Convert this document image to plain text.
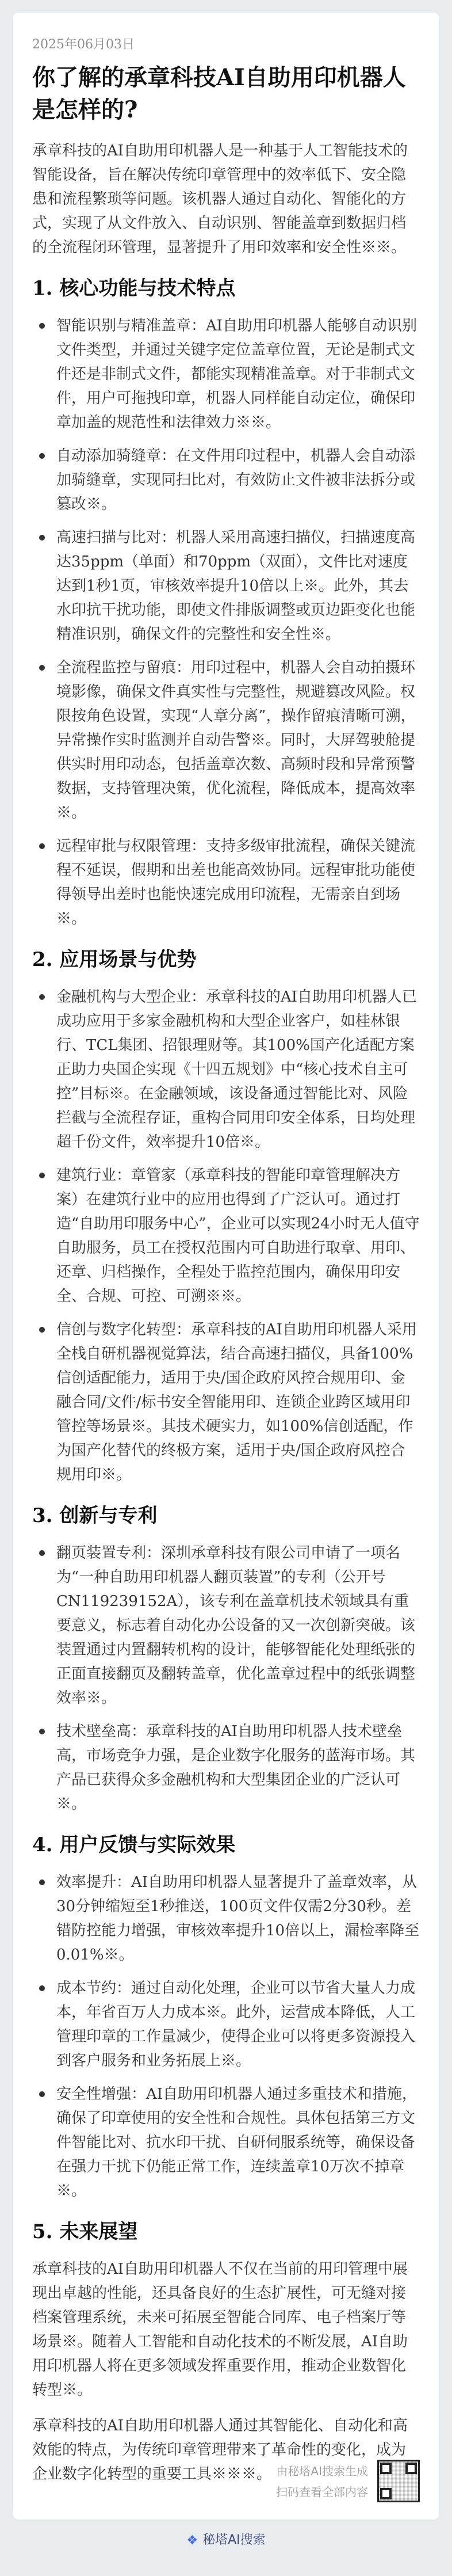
2025年06月03日
你了解的承章科技AI自助用印机器人是怎样的?

承章科技的AI自助用印机器人是一种基于人工智能技术的智能设备，旨在解决传统印章管理中的效率低下、安全隐患和流程繁琐等问题。该机器人通过自动化、智能化的方式，实现了从文件放入、自动识别、智能盖章到数据归档的全流程闭环管理，显著提升了用印效率和安全性※※。

1. 核心功能与技术特点
智能识别与精准盖章：AI自助用印机器人能够自动识别文件类型，并通过关键字定位盖章位置，无论是制式文件还是非制式文件，都能实现精准盖章。对于非制式文件，用户可拖拽印章，机器人同样能自动定位，确保印章加盖的规范性和法律效力※※。
自动添加骑缝章：在文件用印过程中，机器人会自动添加骑缝章，实现同扫比对，有效防止文件被非法拆分或篡改※。
高速扫描与比对：机器人采用高速扫描仪，扫描速度高达35ppm（单面）和70ppm（双面），文件比对速度达到1秒1页，审核效率提升10倍以上※。此外，其去水印抗干扰功能，即使文件排版调整或页边距变化也能精准识别，确保文件的完整性和安全性※。
全流程监控与留痕：用印过程中，机器人会自动拍摄环境影像，确保文件真实性与完整性，规避篡改风险。权限按角色设置，实现“人章分离”，操作留痕清晰可溯，异常操作实时监测并自动告警※。同时，大屏驾驶舱提供实时用印动态，包括盖章次数、高频时段和异常预警数据，支持管理决策，优化流程，降低成本，提高效率※。
远程审批与权限管理：支持多级审批流程，确保关键流程不延误，假期和出差也能高效协同。远程审批功能使得领导出差时也能快速完成用印流程，无需亲自到场※。
2. 应用场景与优势
金融机构与大型企业：承章科技的AI自助用印机器人已成功应用于多家金融机构和大型企业客户，如桂林银行、TCL集团、招银理财等。其100%国产化适配方案正助力央国企实现《十四五规划》中“核心技术自主可控”目标※。在金融领域，该设备通过智能比对、风险拦截与全流程存证，重构合同用印安全体系，日均处理超千份文件，效率提升10倍※。
建筑行业：章管家（承章科技的智能印章管理解决方案）在建筑行业中的应用也得到了广泛认可。通过打造“自助用印服务中心”，企业可以实现24小时无人值守自助服务，员工在授权范围内可自助进行取章、用印、还章、归档操作，全程处于监控范围内，确保用印安全、合规、可控、可溯※※。
信创与数字化转型：承章科技的AI自助用印机器人采用全栈自研机器视觉算法，结合高速扫描仪，具备100%信创适配能力，适用于央/国企政府风控合规用印、金融合同/文件/标书安全智能用印、连锁企业跨区域用印管控等场景※。其技术硬实力，如100%信创适配，作为国产化替代的终极方案，适用于央/国企政府风控合规用印※。
3. 创新与专利
翻页装置专利：深圳承章科技有限公司申请了一项名为“一种自助用印机器人翻页装置”的专利（公开号CN119239152A），该专利在盖章机技术领域具有重要意义，标志着自动化办公设备的又一次创新突破。该装置通过内置翻转机构的设计，能够智能化处理纸张的正面直接翻页及翻转盖章，优化盖章过程中的纸张调整效率※。
技术壁垒高：承章科技的AI自助用印机器人技术壁垒高，市场竞争力强，是企业数字化服务的蓝海市场。其产品已获得众多金融机构和大型集团企业的广泛认可※。
4. 用户反馈与实际效果
效率提升：AI自助用印机器人显著提升了盖章效率，从30分钟缩短至1秒推送，100页文件仅需2分30秒。差错防控能力增强，审核效率提升10倍以上，漏检率降至0.01%※。
成本节约：通过自动化处理，企业可以节省大量人力成本，年省百万人力成本※。此外，运营成本降低，人工管理印章的工作量减少，使得企业可以将更多资源投入到客户服务和业务拓展上※。
安全性增强：AI自助用印机器人通过多重技术和措施，确保了印章使用的安全性和合规性。具体包括第三方文件智能比对、抗水印干扰、自研伺服系统等，确保设备在强力干扰下仍能正常工作，连续盖章10万次不掉章※。
5. 未来展望

承章科技的AI自助用印机器人不仅在当前的用印管理中展现出卓越的性能，还具备良好的生态扩展性，可无缝对接档案管理系统，未来可拓展至智能合同库、电子档案厅等场景※。随着人工智能和自动化技术的不断发展，AI自助用印机器人将在更多领域发挥重要作用，推动企业数智化转型※。

承章科技的AI自助用印机器人通过其智能化、自动化和高效能的特点，为传统印章管理带来了革命性的变化，成为企业数字化转型的重要工具※※※。 由秘塔AI搜索生成
扫码查看全部内容
❖ 秘塔AI搜索
